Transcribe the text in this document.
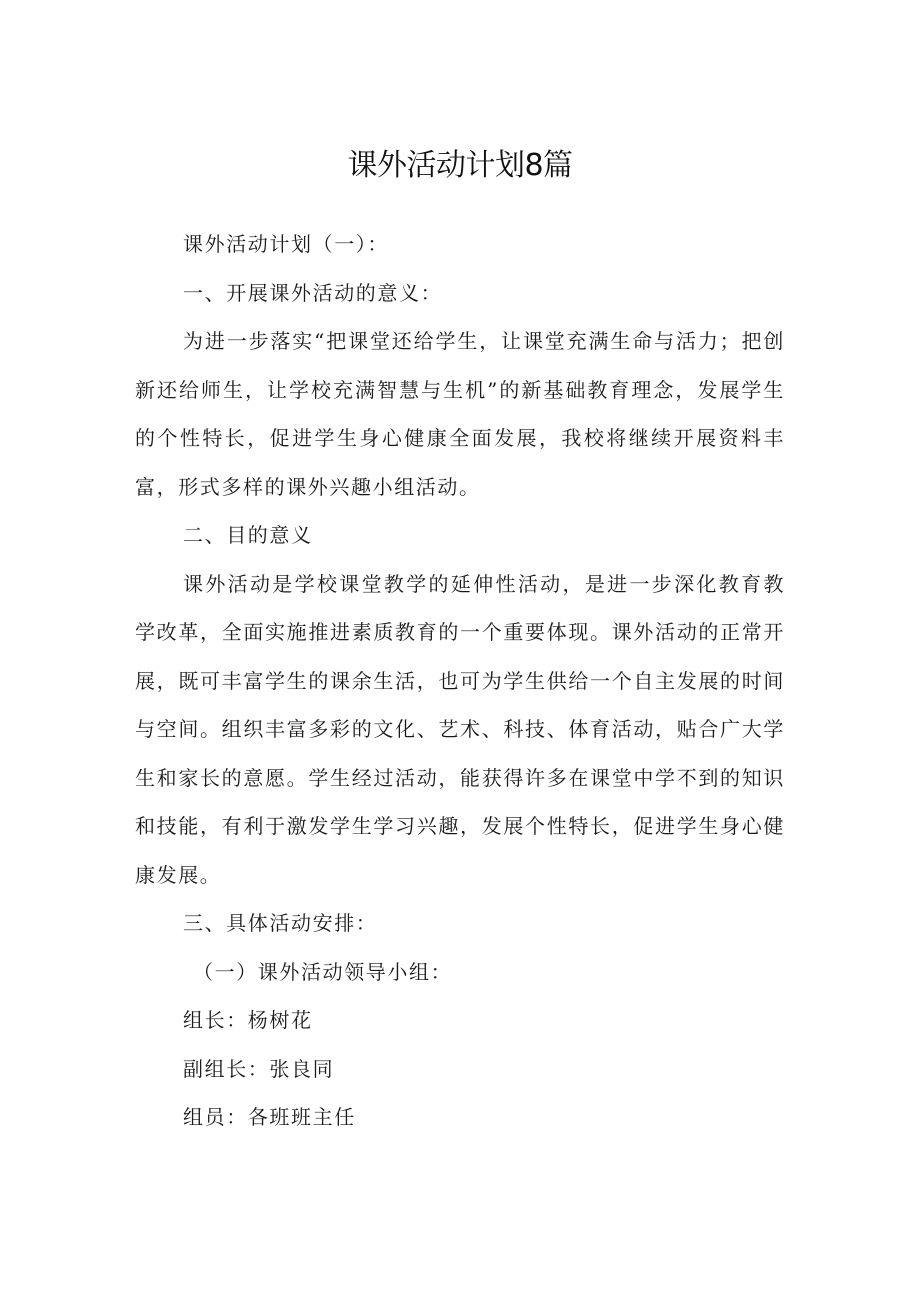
课外活动计划8篇

课外活动计划（一）：

一、开展课外活动的意义：

为进一步落实“把课堂还给学生，让课堂充满生命与活力；把创新还给师生，让学校充满智慧与生机”的新基础教育理念，发展学生的个性特长，促进学生身心健康全面发展，我校将继续开展资料丰富，形式多样的课外兴趣小组活动。

二、目的意义

课外活动是学校课堂教学的延伸性活动，是进一步深化教育教学改革，全面实施推进素质教育的一个重要体现。课外活动的正常开展，既可丰富学生的课余生活，也可为学生供给一个自主发展的时间与空间。组织丰富多彩的文化、艺术、科技、体育活动，贴合广大学生和家长的意愿。学生经过活动，能获得许多在课堂中学不到的知识和技能，有利于激发学生学习兴趣，发展个性特长，促进学生身心健康发展。

三、具体活动安排：

（一）课外活动领导小组：

组长：杨树花

副组长：张良同

组员：各班班主任
